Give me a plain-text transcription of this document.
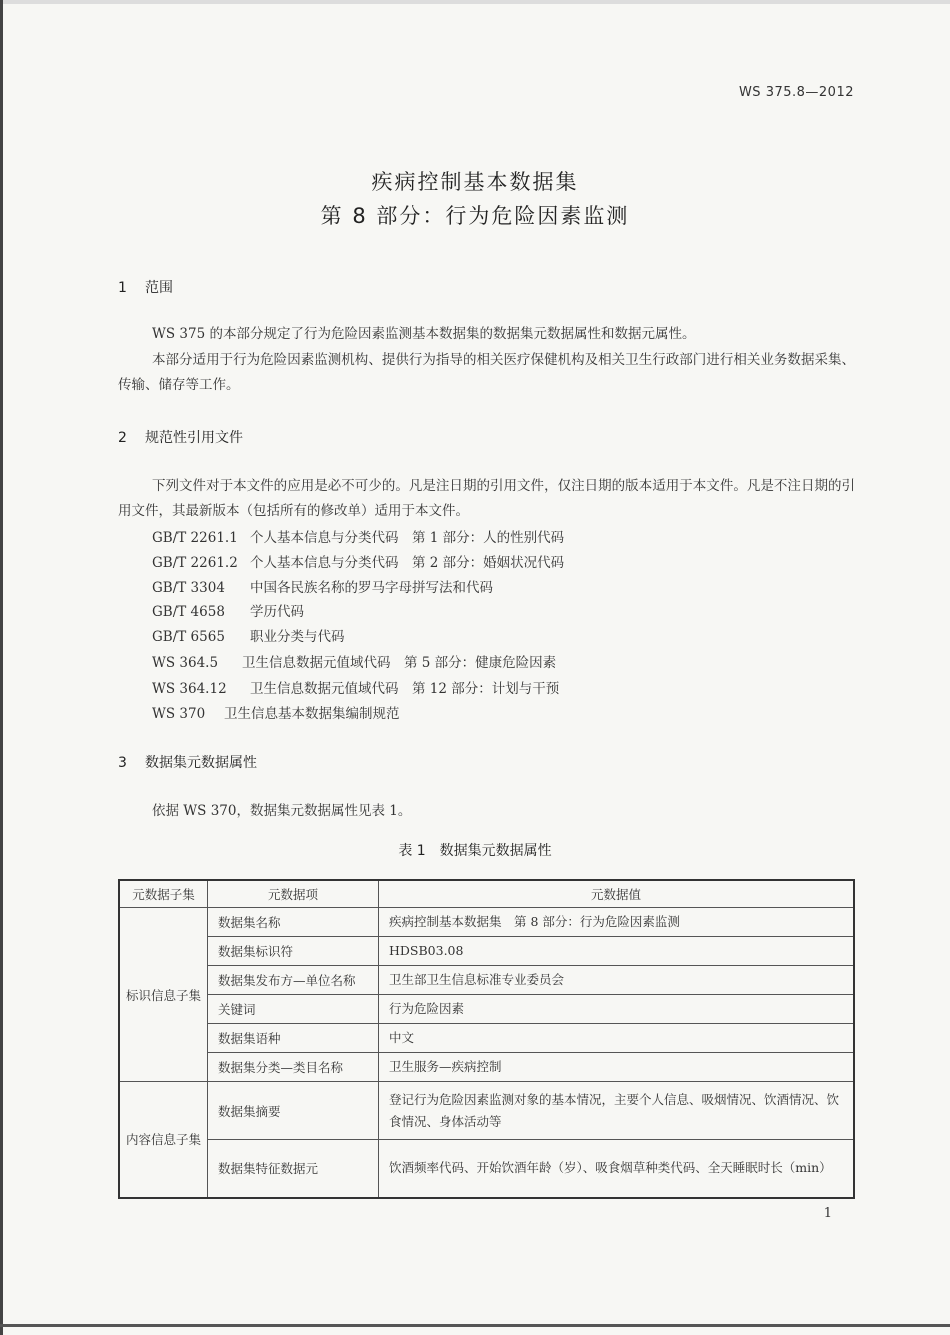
WS 375.8—2012
疾病控制基本数据集
第 8 部分：行为危险因素监测
1 范围
WS 375 的本部分规定了行为危险因素监测基本数据集的数据集元数据属性和数据元属性。
本部分适用于行为危险因素监测机构、提供行为指导的相关医疗保健机构及相关卫生行政部门进行相关业务数据采集、传输、储存等工作。
2 规范性引用文件
下列文件对于本文件的应用是必不可少的。凡是注日期的引用文件，仅注日期的版本适用于本文件。凡是不注日期的引用文件，其最新版本（包括所有的修改单）适用于本文件。
GB/T 2261.1 个人基本信息与分类代码　第 1 部分：人的性别代码
GB/T 2261.2 个人基本信息与分类代码　第 2 部分：婚姻状况代码
GB/T 3304 中国各民族名称的罗马字母拼写法和代码
GB/T 4658 学历代码
GB/T 6565 职业分类与代码
WS 364.5 卫生信息数据元值域代码　第 5 部分：健康危险因素
WS 364.12 卫生信息数据元值域代码　第 12 部分：计划与干预
WS 370 卫生信息基本数据集编制规范
3 数据集元数据属性
依据 WS 370，数据集元数据属性见表 1。
表 1　数据集元数据属性
元数据子集	元数据项	元数据值
标识信息子集	数据集名称	疾病控制基本数据集　第 8 部分：行为危险因素监测
	数据集标识符	HDSB03.08
	数据集发布方—单位名称	卫生部卫生信息标准专业委员会
	关键词	行为危险因素
	数据集语种	中文
	数据集分类—类目名称	卫生服务—疾病控制
内容信息子集	数据集摘要	登记行为危险因素监测对象的基本情况，主要个人信息、吸烟情况、饮酒情况、饮食情况、身体活动等
	数据集特征数据元	饮酒频率代码、开始饮酒年龄（岁）、吸食烟草种类代码、全天睡眠时长（min）
1
